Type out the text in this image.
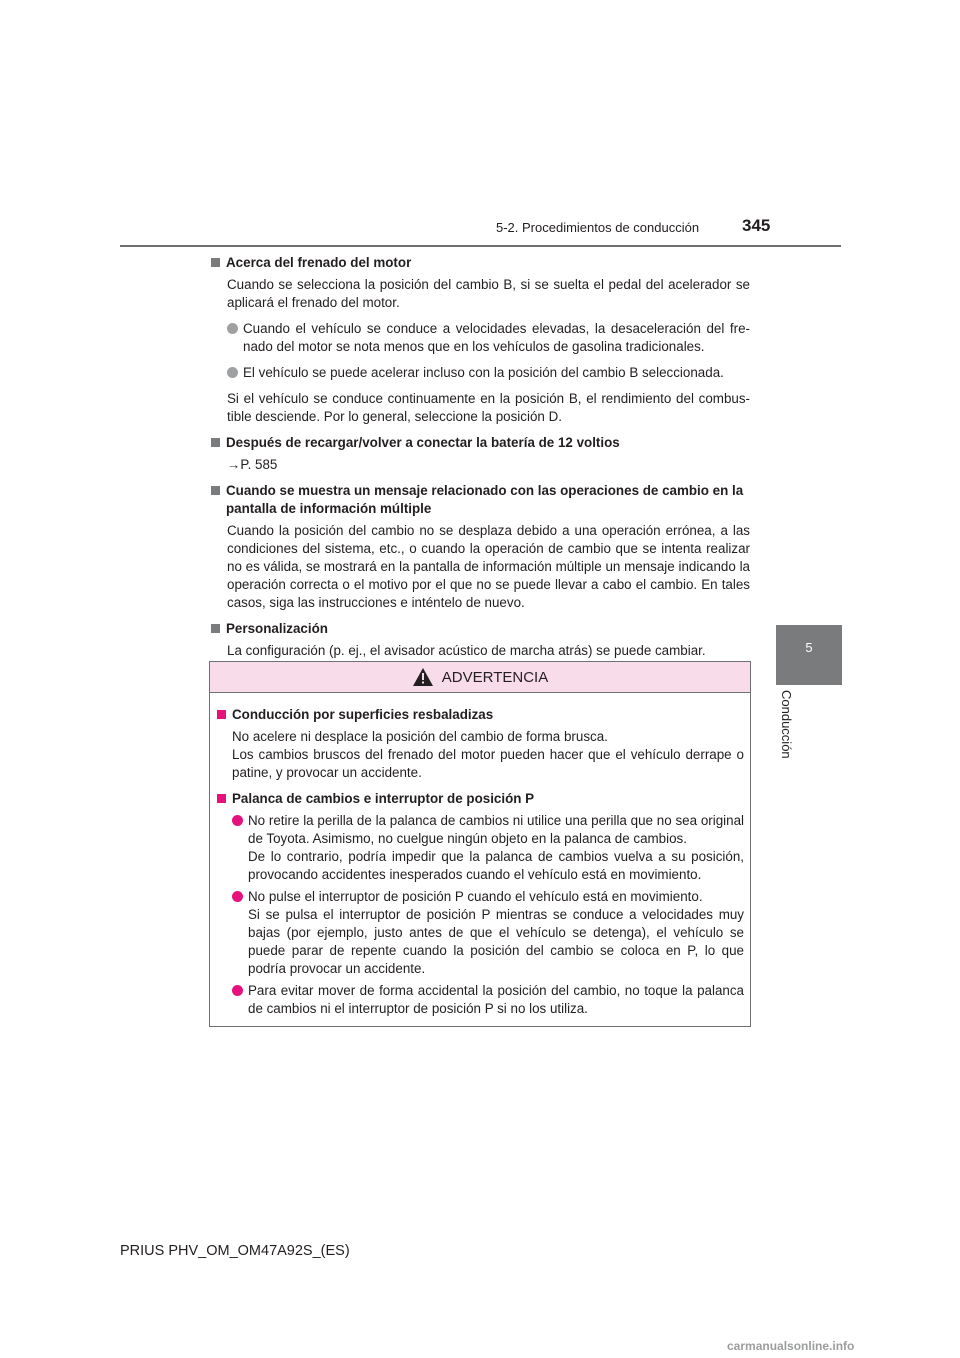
5-2. Procedimientos de conducción	345
5
Conducción
Acerca del frenado del motor
Cuando se selecciona la posición del cambio B, si se suelta el pedal del acelerador se aplicará el frenado del motor.
Cuando el vehículo se conduce a velocidades elevadas, la desaceleración del fre-nado del motor se nota menos que en los vehículos de gasolina tradicionales.
El vehículo se puede acelerar incluso con la posición del cambio B seleccionada.
Si el vehículo se conduce continuamente en la posición B, el rendimiento del combus-tible desciende. Por lo general, seleccione la posición D.
Después de recargar/volver a conectar la batería de 12 voltios
→P. 585
Cuando se muestra un mensaje relacionado con las operaciones de cambio en la pantalla de información múltiple
Cuando la posición del cambio no se desplaza debido a una operación errónea, a las condiciones del sistema, etc., o cuando la operación de cambio que se intenta realizar no es válida, se mostrará en la pantalla de información múltiple un mensaje indicando la operación correcta o el motivo por el que no se puede llevar a cabo el cambio. En tales casos, siga las instrucciones e inténtelo de nuevo.
Personalización
La configuración (p. ej., el avisador acústico de marcha atrás) se puede cambiar.

ADVERTENCIA
Conducción por superficies resbaladizas
No acelere ni desplace la posición del cambio de forma brusca.
Los cambios bruscos del frenado del motor pueden hacer que el vehículo derrape o patine, y provocar un accidente.
Palanca de cambios e interruptor de posición P
No retire la perilla de la palanca de cambios ni utilice una perilla que no sea original de Toyota. Asimismo, no cuelgue ningún objeto en la palanca de cambios.
De lo contrario, podría impedir que la palanca de cambios vuelva a su posición, provocando accidentes inesperados cuando el vehículo está en movimiento.
No pulse el interruptor de posición P cuando el vehículo está en movimiento.
Si se pulsa el interruptor de posición P mientras se conduce a velocidades muy bajas (por ejemplo, justo antes de que el vehículo se detenga), el vehículo se puede parar de repente cuando la posición del cambio se coloca en P, lo que podría provocar un accidente.
Para evitar mover de forma accidental la posición del cambio, no toque la palanca de cambios ni el interruptor de posición P si no los utiliza.
PRIUS PHV_OM_OM47A92S_(ES)
carmanualsonline.info
